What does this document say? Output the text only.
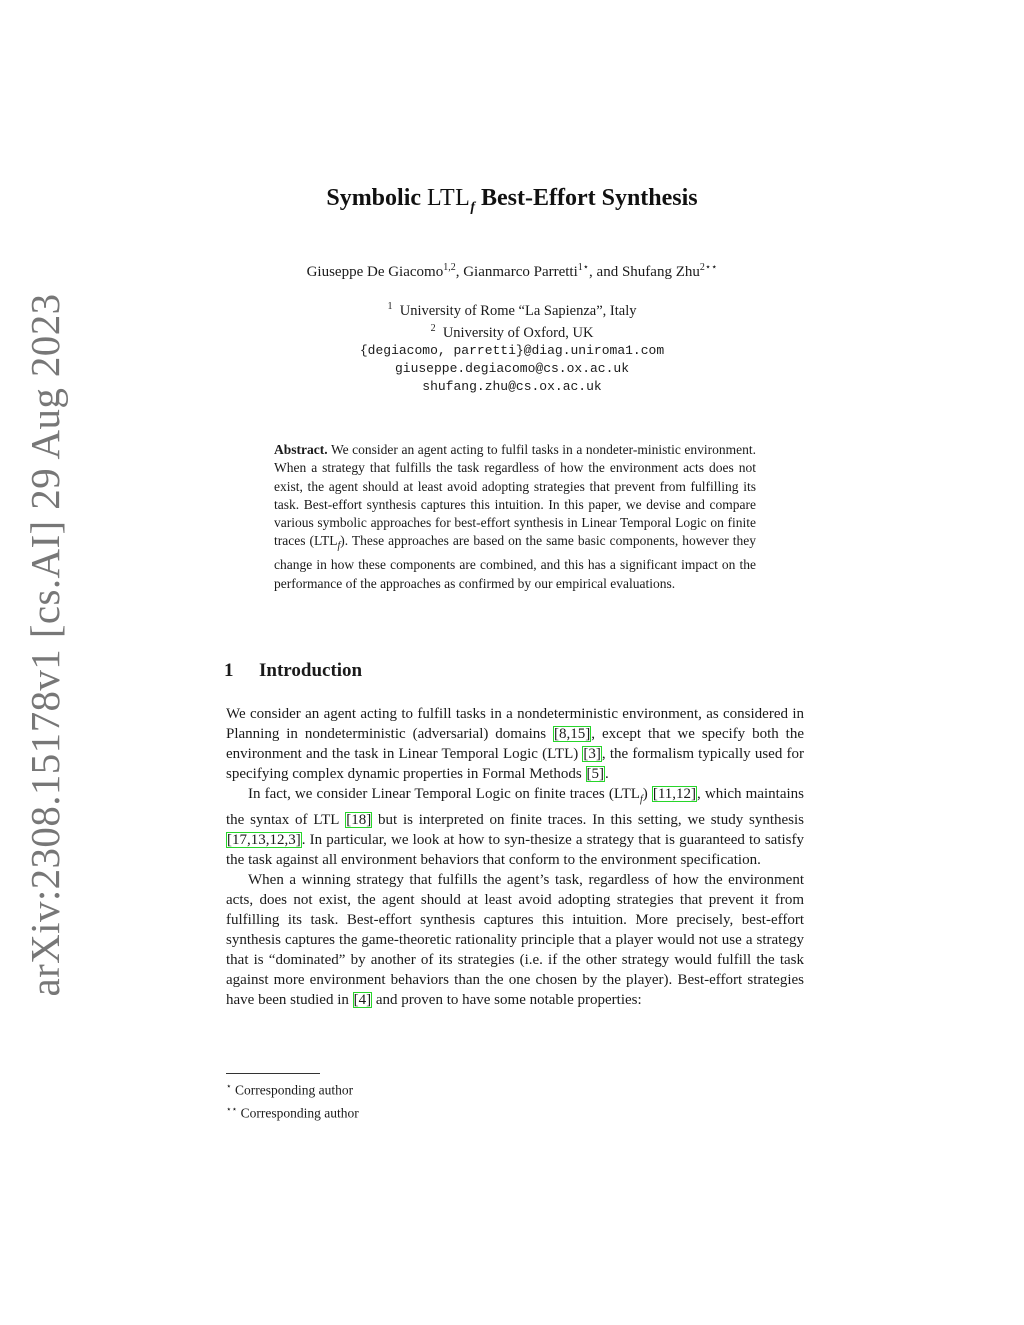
arXiv:2308.15178v1 [cs.AI] 29 Aug 2023
Symbolic $LTL_f$ Best-Effort Synthesis
Giuseppe De Giacomo$^{1,2}$, Gianmarco Parretti$^{1⋆}$, and Shufang Zhu$^{2⋆⋆}$
$^1$ University of Rome “La Sapienza”, Italy
$^2$ University of Oxford, UK
{degiacomo, parretti}@diag.uniroma1.com
giuseppe.degiacomo@cs.ox.ac.uk
shufang.zhu@cs.ox.ac.uk
Abstract. We consider an agent acting to fulfil tasks in a nondeter-ministic environment. When a strategy that fulfills the task regardless of how the environment acts does not exist, the agent should at least avoid adopting strategies that prevent from fulfilling its task. Best-effort synthesis captures this intuition. In this paper, we devise and compare various symbolic approaches for best-effort synthesis in Linear Temporal Logic on finite traces $(LTL_f)$. These approaches are based on the same basic components, however they change in how these components are combined, and this has a significant impact on the performance of the approaches as confirmed by our empirical evaluations.
1 Introduction

We consider an agent acting to fulfill tasks in a nondeterministic environment, as considered in Planning in nondeterministic (adversarial) domains [8,15], except that we specify both the environment and the task in Linear Temporal Logic (LTL) [3], the formalism typically used for specifying complex dynamic properties in Formal Methods [5].

In fact, we consider Linear Temporal Logic on finite traces $(LTL_f)$ [11,12], which maintains the syntax of LTL [18] but is interpreted on finite traces. In this setting, we study synthesis [17,13,12,3]. In particular, we look at how to syn-thesize a strategy that is guaranteed to satisfy the task against all environment behaviors that conform to the environment specification.

When a winning strategy that fulfills the agent’s task, regardless of how the environment acts, does not exist, the agent should at least avoid adopting strategies that prevent it from fulfilling its task. Best-effort synthesis captures this intuition. More precisely, best-effort synthesis captures the game-theoretic rationality principle that a player would not use a strategy that is “dominated” by another of its strategies (i.e. if the other strategy would fulfill the task against more environment behaviors than the one chosen by the player). Best-effort strategies have been studied in [4] and proven to have some notable properties:

⋆ Corresponding author
⋆⋆ Corresponding author
